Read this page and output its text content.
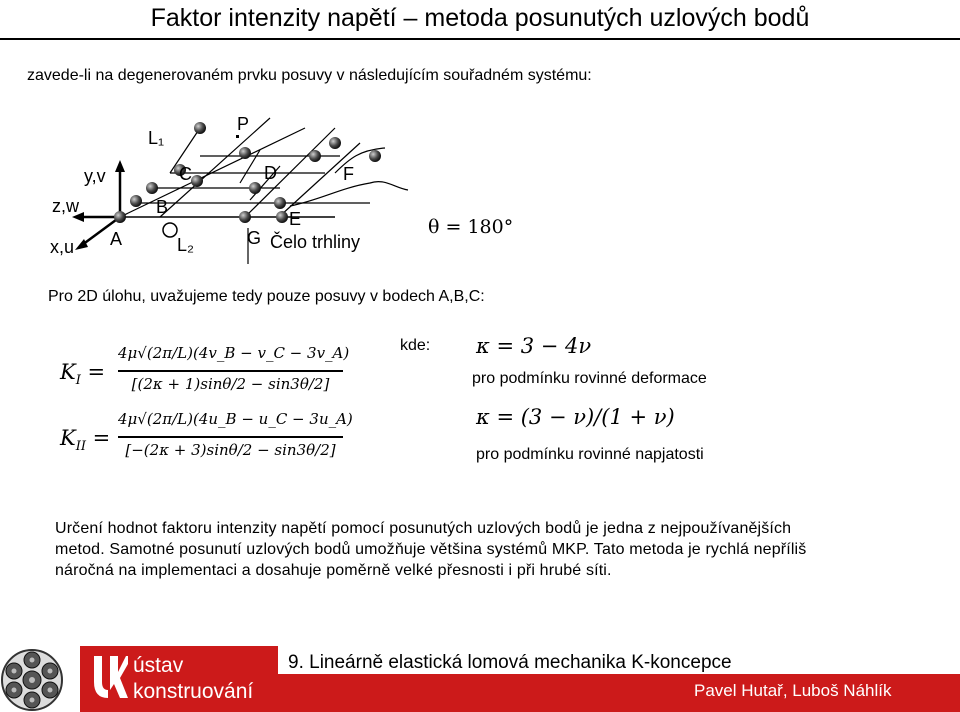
Faktor intenzity napětí – metoda posunutých uzlových bodů
zavede-li na degenerovaném prvku posuvy v následujícím souřadném systému:
y,v
z,w
x,u A
B
C	D
E
F
G
P
L₁
L₂	Čelo trhliny
θ = 180°
Pro 2D úlohu, uvažujeme tedy pouze posuvy v bodech A,B,C:
kde: κ = 3 − 4ν
pro podmínku rovinné deformace
κ = (3 − ν)/(1 + ν)
pro podmínku rovinné napjatosti
$K_I$ =
4μ√(2π/L)(4v_B − v_C − 3v_A)
[(2κ + 1)sinθ/2 − sin3θ/2]
$K_{II}$ =
4μ√(2π/L)(4u_B − u_C − 3u_A)
[−(2κ + 3)sinθ/2 − sin3θ/2]
Určení hodnot faktoru intenzity napětí pomocí posunutých uzlových bodů je jedna z nejpoužívanějších
metod. Samotné posunutí uzlových bodů umožňuje většina systémů MKP. Tato metoda je rychlá nepříliš
náročná na implementaci a dosahuje poměrně velké přesnosti i při hrubé síti.
ústav
konstruování
9. Lineárně elastická lomová mechanika K-koncepce
Pavel Hutař, Luboš Náhlík
